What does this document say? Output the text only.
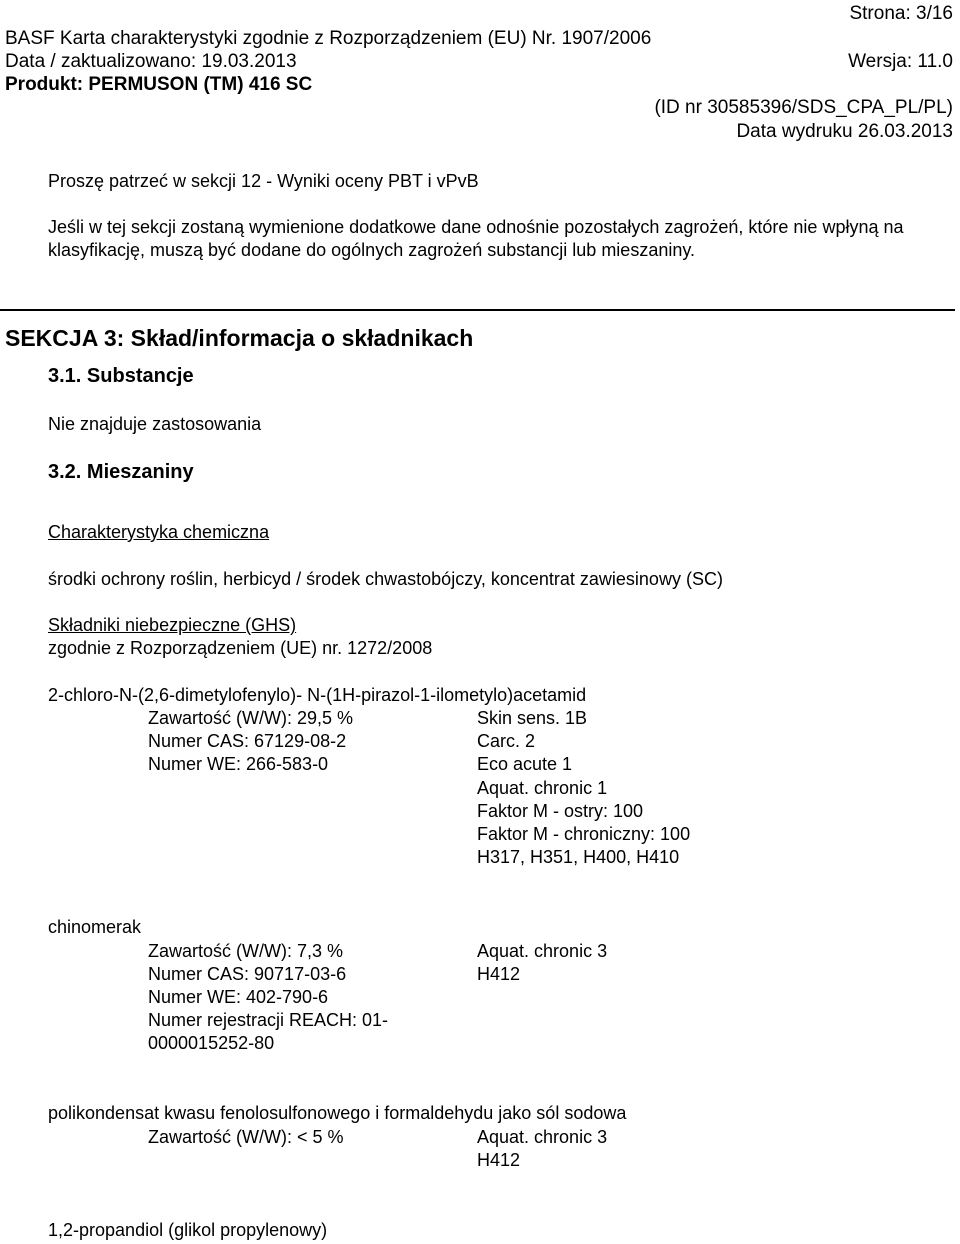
Strona: 3/16
BASF Karta charakterystyki zgodnie z Rozporządzeniem (EU) Nr. 1907/2006
Data / zaktualizowano: 19.03.2013	Wersja: 11.0
Produkt: PERMUSON (TM) 416 SC
(ID nr 30585396/SDS_CPA_PL/PL)
Data wydruku 26.03.2013
Proszę patrzeć w sekcji 12 - Wyniki oceny PBT i vPvB
Jeśli w tej sekcji zostaną wymienione dodatkowe dane odnośnie pozostałych zagrożeń, które nie wpłyną na klasyfikację, muszą być dodane do ogólnych zagrożeń substancji lub mieszaniny.
SEKCJA 3: Skład/informacja o składnikach
3.1. Substancje
Nie znajduje zastosowania
3.2. Mieszaniny
Charakterystyka chemiczna
środki ochrony roślin, herbicyd / środek chwastobójczy, koncentrat zawiesinowy (SC)
Składniki niebezpieczne (GHS)
zgodnie z Rozporządzeniem (UE) nr. 1272/2008
2-chloro-N-(2,6-dimetylofenylo)- N-(1H-pirazol-1-ilometylo)acetamid
Zawartość (W/W): 29,5 %
Numer CAS: 67129-08-2
Numer WE: 266-583-0
Skin sens. 1B
Carc. 2
Eco acute 1
Aquat. chronic 1
Faktor M - ostry: 100
Faktor M - chroniczny: 100
H317, H351, H400, H410
chinomerak
Zawartość (W/W): 7,3 %
Numer CAS: 90717-03-6
Numer WE: 402-790-6
Numer rejestracji REACH: 01-
0000015252-80
Aquat. chronic 3
H412
polikondensat kwasu fenolosulfonowego i formaldehydu jako sól sodowa
Zawartość (W/W): < 5 %	Aquat. chronic 3
H412
1,2-propandiol (glikol propylenowy)
